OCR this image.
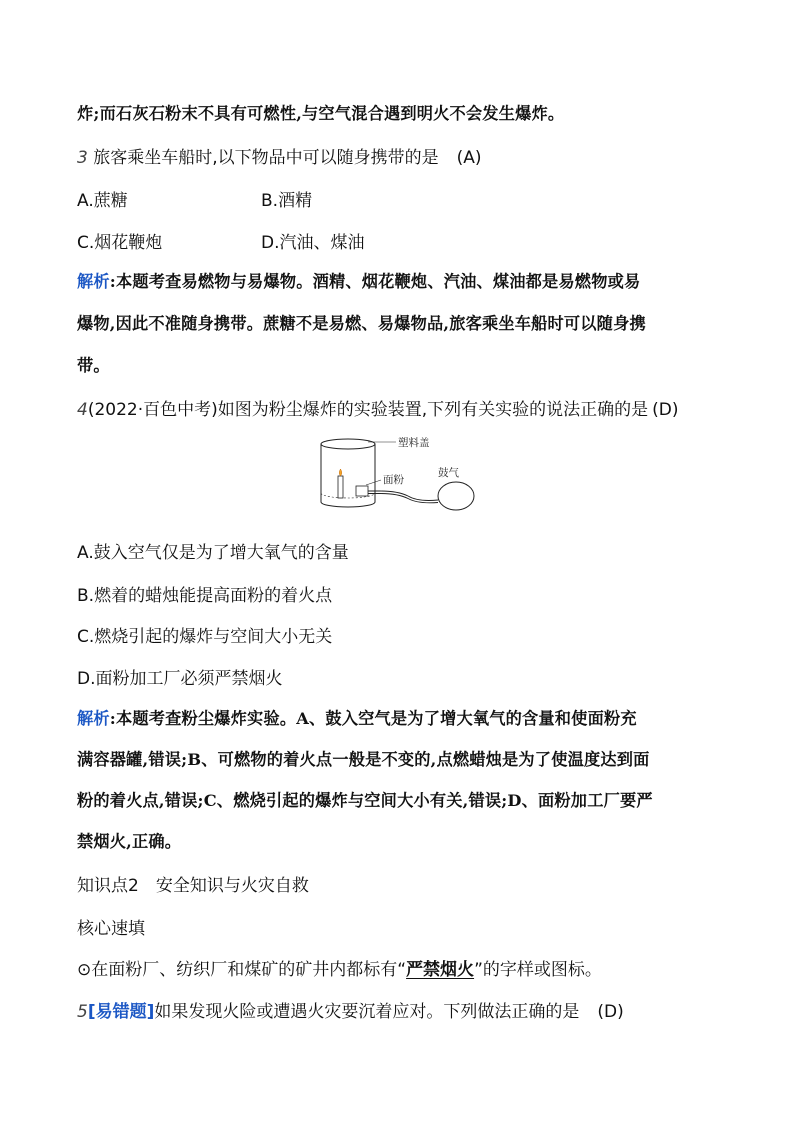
炸;而石灰石粉末不具有可燃性,与空气混合遇到明火不会发生爆炸。
3 旅客乘坐车船时,以下物品中可以随身携带的是 (A)
A.蔗糖	B.酒精
C.烟花鞭炮	D.汽油、煤油
解析:本题考查易燃物与易爆物。酒精、烟花鞭炮、汽油、煤油都是易燃物或易
爆物,因此不准随身携带。蔗糖不是易燃、易爆物品,旅客乘坐车船时可以随身携
带。
4(2022·百色中考)如图为粉尘爆炸的实验装置,下列有关实验的说法正确的是 (D)
塑料盖
面粉
鼓气
A.鼓入空气仅是为了增大氧气的含量
B.燃着的蜡烛能提高面粉的着火点
C.燃烧引起的爆炸与空间大小无关
D.面粉加工厂必须严禁烟火
解析:本题考查粉尘爆炸实验。A、鼓入空气是为了增大氧气的含量和使面粉充
满容器罐,错误;B、可燃物的着火点一般是不变的,点燃蜡烛是为了使温度达到面
粉的着火点,错误;C、燃烧引起的爆炸与空间大小有关,错误;D、面粉加工厂要严
禁烟火,正确。
知识点2　安全知识与火灾自救
核心速填
⊙在面粉厂、纺织厂和煤矿的矿井内都标有“严禁烟火”的字样或图标。
5[易错题]如果发现火险或遭遇火灾要沉着应对。下列做法正确的是 (D)
